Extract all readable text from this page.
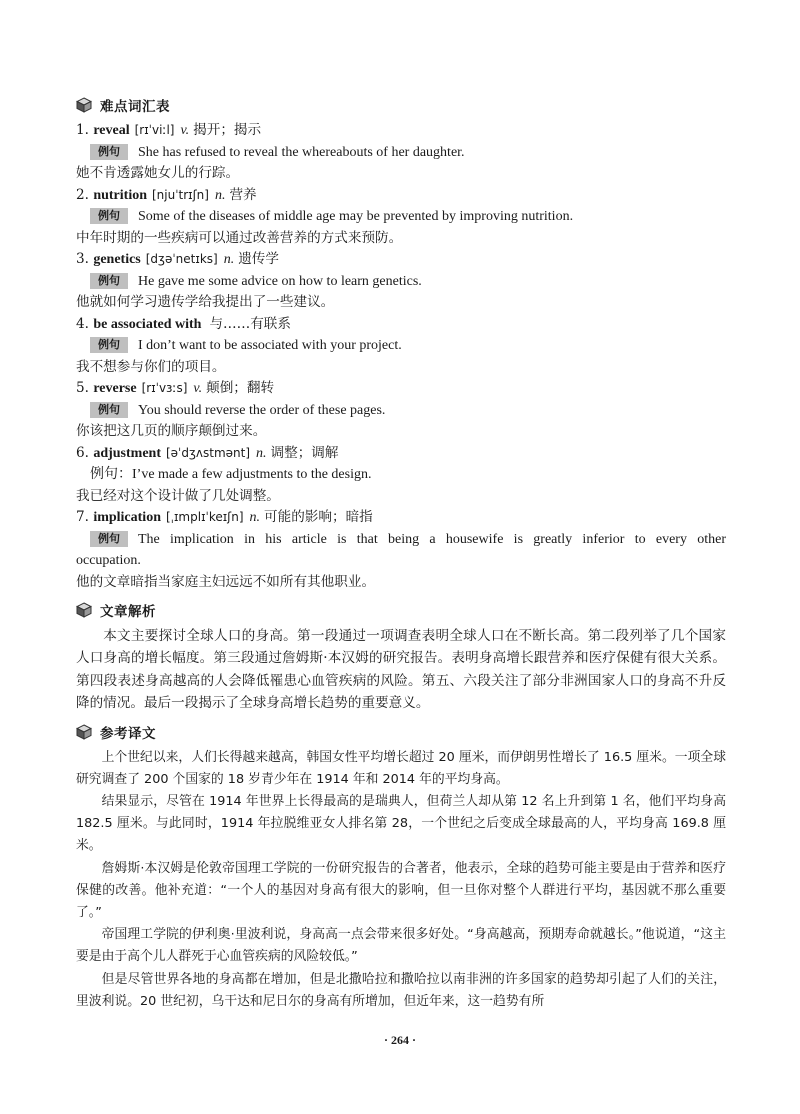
难点词汇表
1. reveal [rɪˈviːl] v. 揭开；揭示
例句 She has refused to reveal the whereabouts of her daughter.
她不肯透露她女儿的行踪。
2. nutrition [njuˈtrɪʃn] n. 营养
例句 Some of the diseases of middle age may be prevented by improving nutrition.
中年时期的一些疾病可以通过改善营养的方式来预防。
3. genetics [dʒəˈnetɪks] n. 遗传学
例句 He gave me some advice on how to learn genetics.
他就如何学习遗传学给我提出了一些建议。
4. be associated with 与……有联系
例句 I don’t want to be associated with your project.
我不想参与你们的项目。
5. reverse [rɪˈvɜːs] v. 颠倒；翻转
例句 You should reverse the order of these pages.
你该把这几页的顺序颠倒过来。
6. adjustment [əˈdʒʌstmənt] n. 调整；调解
例句：I’ve made a few adjustments to the design.
我已经对这个设计做了几处调整。
7. implication [ˌɪmplɪˈkeɪʃn] n. 可能的影响；暗指
例句 The implication in his article is that being a housewife is greatly inferior to every other
occupation.
他的文章暗指当家庭主妇远远不如所有其他职业。
文章解析

本文主要探讨全球人口的身高。第一段通过一项调查表明全球人口在不断长高。第二段列举了几个国家人口身高的增长幅度。第三段通过詹姆斯·本汉姆的研究报告。表明身高增长跟营养和医疗保健有很大关系。第四段表述身高越高的人会降低罹患心血管疾病的风险。第五、六段关注了部分非洲国家人口的身高不升反降的情况。最后一段揭示了全球身高增长趋势的重要意义。

参考译文

上个世纪以来，人们长得越来越高，韩国女性平均增长超过 20 厘米，而伊朗男性增长了 16.5 厘米。一项全球研究调查了 200 个国家的 18 岁青少年在 1914 年和 2014 年的平均身高。

结果显示，尽管在 1914 年世界上长得最高的是瑞典人，但荷兰人却从第 12 名上升到第 1 名，他们平均身高 182.5 厘米。与此同时，1914 年拉脱维亚女人排名第 28，一个世纪之后变成全球最高的人，平均身高 169.8 厘米。

詹姆斯·本汉姆是伦敦帝国理工学院的一份研究报告的合著者，他表示，全球的趋势可能主要是由于营养和医疗保健的改善。他补充道：“一个人的基因对身高有很大的影响，但一旦你对整个人群进行平均，基因就不那么重要了。”

帝国理工学院的伊利奥·里波利说，身高高一点会带来很多好处。“身高越高，预期寿命就越长。”他说道，“这主要是由于高个儿人群死于心血管疾病的风险较低。”

但是尽管世界各地的身高都在增加，但是北撒哈拉和撒哈拉以南非洲的许多国家的趋势却引起了人们的关注，里波利说。20 世纪初，乌干达和尼日尔的身高有所增加，但近年来，这一趋势有所

· 264 ·
